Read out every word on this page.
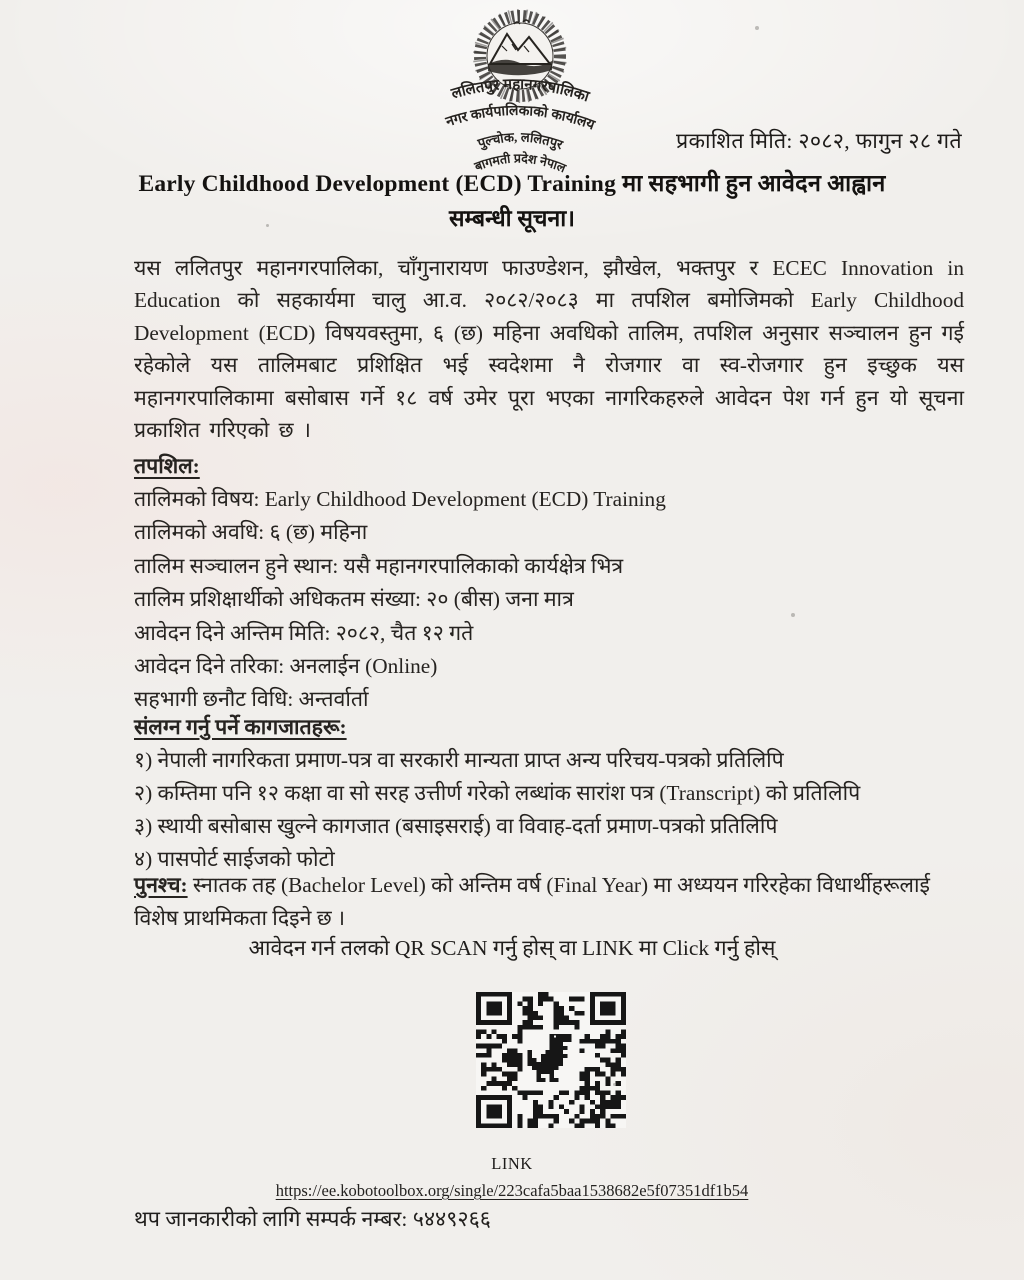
ललितपुर महानगरपालिका
नगर कार्यपालिकाको कार्यालय
पुल्चोक, ललितपुर
बागमती प्रदेश नेपाल
प्रकाशित मिति: २०८२, फागुन २८ गते
Early Childhood Development (ECD) Training मा सहभागी हुन आवेदन आह्वान
सम्बन्धी सूचना।
यस ललितपुर महानगरपालिका, चाँगुनारायण फाउण्डेशन, झौखेल, भक्तपुर र ECEC Innovation in Education को सहकार्यमा चालु आ.व. २०८२/२०८३ मा तपशिल बमोजिमको Early Childhood Development (ECD) विषयवस्तुमा, ६ (छ) महिना अवधिको तालिम, तपशिल अनुसार सञ्चालन हुन गई रहेकोले यस तालिमबाट प्रशिक्षित भई स्वदेशमा नै रोजगार वा स्व-रोजगार हुन इच्छुक यस महानगरपालिकामा बसोबास गर्ने १८ वर्ष उमेर पूरा भएका नागरिकहरुले आवेदन पेश गर्न हुन यो सूचना प्रकाशित गरिएको छ ।
तपशिल:
तालिमको विषय: Early Childhood Development (ECD) Training
तालिमको अवधि: ६ (छ) महिना
तालिम सञ्चालन हुने स्थान: यसै महानगरपालिकाको कार्यक्षेत्र भित्र
तालिम प्रशिक्षार्थीको अधिकतम संख्या: २० (बीस) जना मात्र
आवेदन दिने अन्तिम मिति: २०८२, चैत १२ गते
आवेदन दिने तरिका: अनलाईन (Online)
सहभागी छनौट विधि: अन्तर्वार्ता
संलग्न गर्नु पर्ने कागजातहरू:
१) नेपाली नागरिकता प्रमाण-पत्र वा सरकारी मान्यता प्राप्त अन्य परिचय-पत्रको प्रतिलिपि
२) कम्तिमा पनि १२ कक्षा वा सो सरह उत्तीर्ण गरेको लब्धांक सारांश पत्र (Transcript) को प्रतिलिपि
३) स्थायी बसोबास खुल्ने कागजात (बसाइसराई) वा विवाह-दर्ता प्रमाण-पत्रको प्रतिलिपि
४) पासपोर्ट साईजको फोटो
पुनश्च: स्नातक तह (Bachelor Level) को अन्तिम वर्ष (Final Year) मा अध्ययन गरिरहेका विधार्थीहरूलाई विशेष प्राथमिकता दिइने छ ।
आवेदन गर्न तलको QR SCAN गर्नु होस् वा LINK मा Click गर्नु होस्
LINK
https://ee.kobotoolbox.org/single/223cafa5baa1538682e5f07351df1b54
थप जानकारीको लागि सम्पर्क नम्बर: ५४४९२६६
